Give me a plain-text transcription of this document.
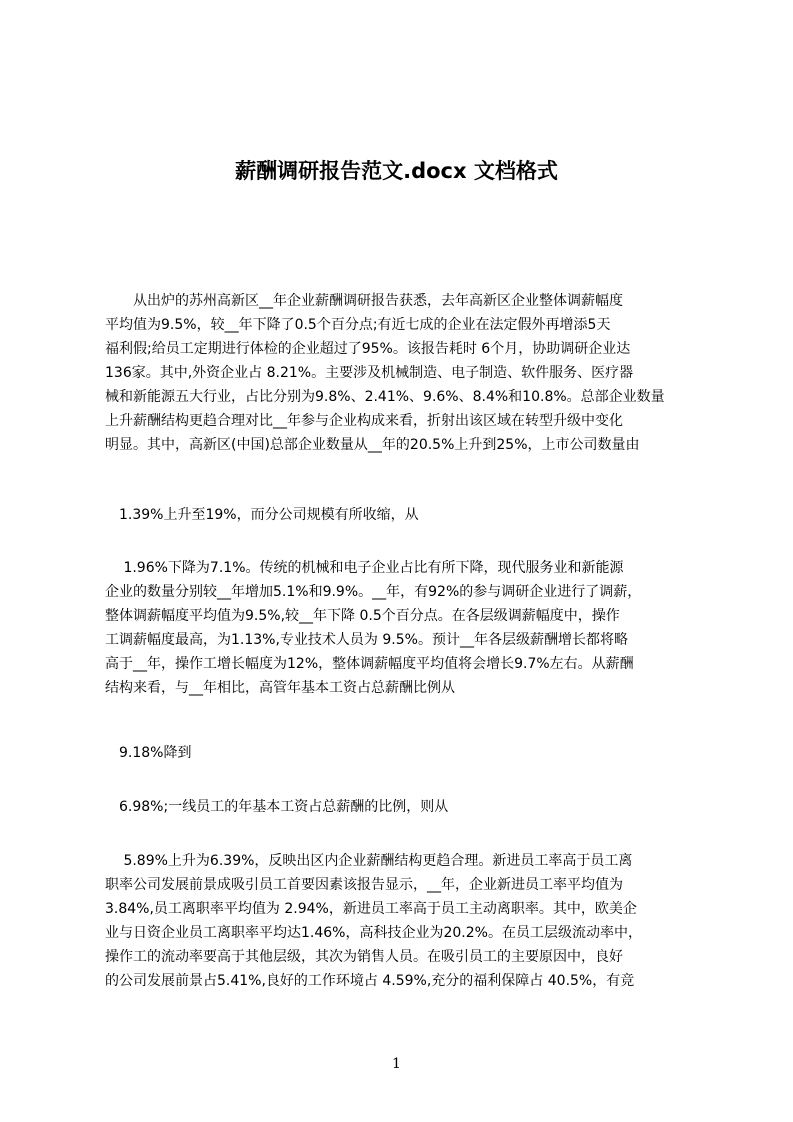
薪酬调研报告范文.docx 文档格式
　　从出炉的苏州高新区__年企业薪酬调研报告获悉，去年高新区企业整体调薪幅度
平均值为9.5%，较__年下降了0.5个百分点;有近七成的企业在法定假外再增添5天
福利假;给员工定期进行体检的企业超过了95%。该报告耗时 6个月，协助调研企业达
136家。其中,外资企业占 8.21%。主要涉及机械制造、电子制造、软件服务、医疗器
械和新能源五大行业，占比分别为9.8%、2.41%、9.6%、8.4%和10.8%。总部企业数量
上升薪酬结构更趋合理对比__年参与企业构成来看，折射出该区域在转型升级中变化
明显。其中，高新区(中国)总部企业数量从__年的20.5%上升到25%，上市公司数量由
　1.39%上升至19%，而分公司规模有所收缩，从
　 1.96%下降为7.1%。传统的机械和电子企业占比有所下降，现代服务业和新能源
企业的数量分别较__年增加5.1%和9.9%。__年，有92%的参与调研企业进行了调薪，
整体调薪幅度平均值为9.5%,较__年下降 0.5个百分点。在各层级调薪幅度中，操作
工调薪幅度最高，为1.13%,专业技术人员为 9.5%。预计__年各层级薪酬增长都将略
高于__年，操作工增长幅度为12%，整体调薪幅度平均值将会增长9.7%左右。从薪酬
结构来看，与__年相比，高管年基本工资占总薪酬比例从
　9.18%降到
　6.98%;一线员工的年基本工资占总薪酬的比例，则从
　 5.89%上升为6.39%，反映出区内企业薪酬结构更趋合理。新进员工率高于员工离
职率公司发展前景成吸引员工首要因素该报告显示，__年，企业新进员工率平均值为
3.84%,员工离职率平均值为 2.94%，新进员工率高于员工主动离职率。其中，欧美企
业与日资企业员工离职率平均达1.46%，高科技企业为20.2%。在员工层级流动率中，
操作工的流动率要高于其他层级，其次为销售人员。在吸引员工的主要原因中，良好
的公司发展前景占5.41%,良好的工作环境占 4.59%,充分的福利保障占 40.5%，有竞
1
